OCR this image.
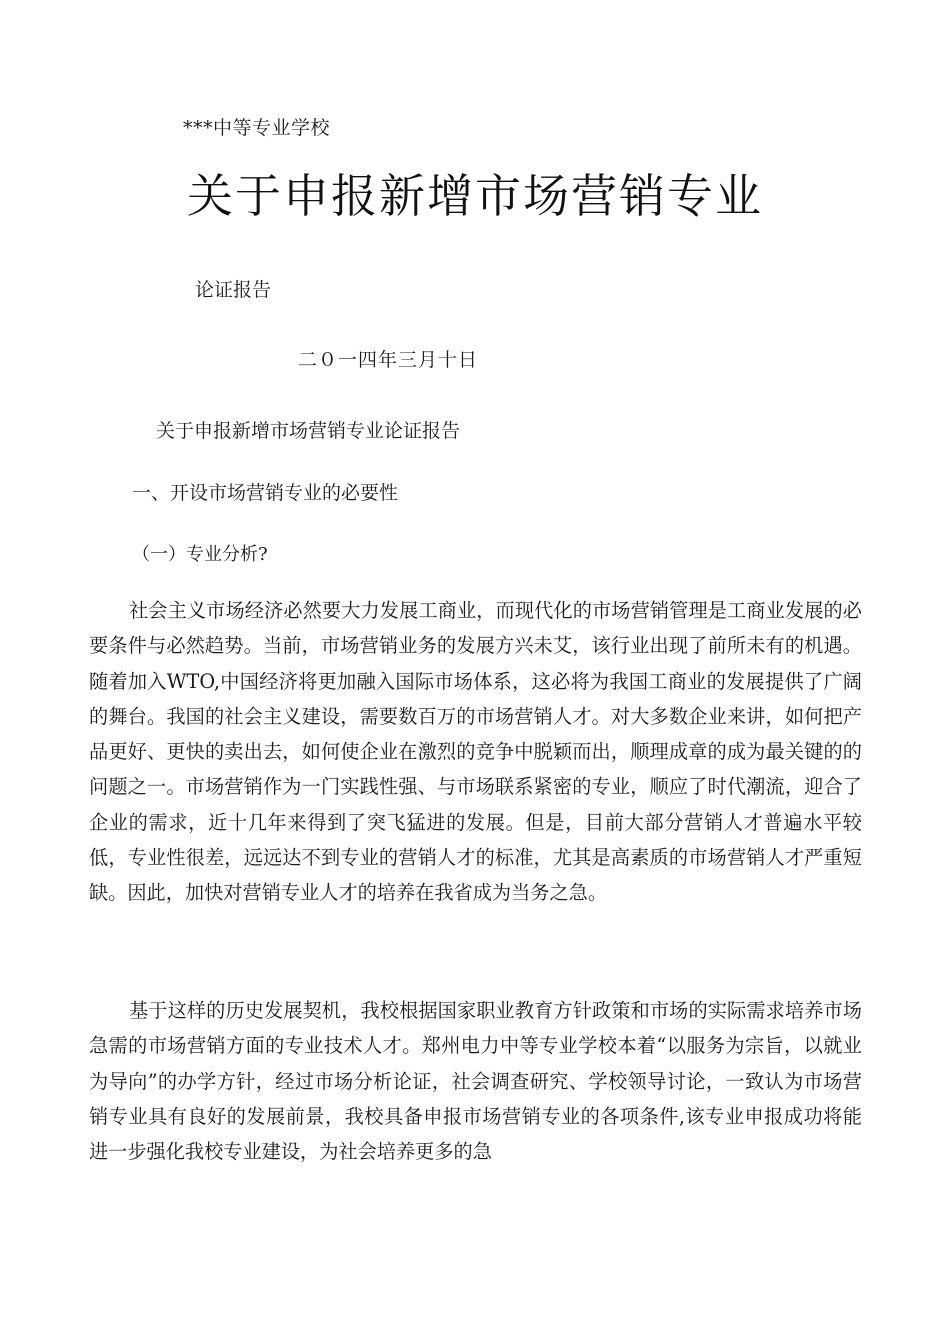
***中等专业学校
关于申报新增市场营销专业
论证报告
二０一四年三月十日
关于申报新增市场营销专业论证报告
一、开设市场营销专业的必要性
（一）专业分析?

社会主义市场经济必然要大力发展工商业，而现代化的市场营销管理是工商业发展的必要条件与必然趋势。当前，市场营销业务的发展方兴未艾，该行业出现了前所未有的机遇。随着加入WTO,中国经济将更加融入国际市场体系，这必将为我国工商业的发展提供了广阔的舞台。我国的社会主义建设，需要数百万的市场营销人才。对大多数企业来讲，如何把产品更好、更快的卖出去，如何使企业在激烈的竞争中脱颖而出，顺理成章的成为最关键的的问题之一。市场营销作为一门实践性强、与市场联系紧密的专业，顺应了时代潮流，迎合了企业的需求，近十几年来得到了突飞猛进的发展。但是，目前大部分营销人才普遍水平较低，专业性很差，远远达不到专业的营销人才的标准，尤其是高素质的市场营销人才严重短缺。因此，加快对营销专业人才的培养在我省成为当务之急。

基于这样的历史发展契机，我校根据国家职业教育方针政策和市场的实际需求培养市场急需的市场营销方面的专业技术人才。郑州电力中等专业学校本着“以服务为宗旨，以就业为导向”的办学方针，经过市场分析论证，社会调查研究、学校领导讨论，一致认为市场营销专业具有良好的发展前景，我校具备申报市场营销专业的各项条件,该专业申报成功将能进一步强化我校专业建设，为社会培养更多的急
